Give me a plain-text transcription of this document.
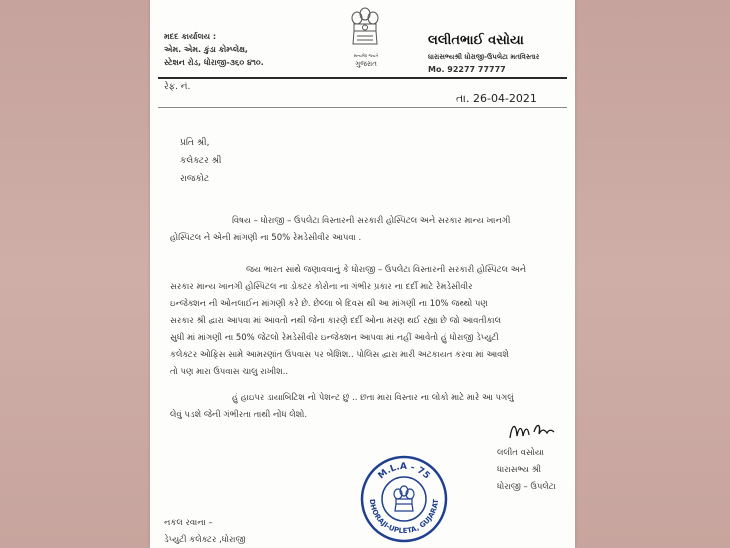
મદદ કાર્યાલય :
એમ. એમ. કુંડા કોમ્પ્લેક્ષ,
સ્ટેશન રોડ, ધોરાજી-૩૬૦ ૪૧૦.
સત્યમેવ જયતે
ગુજરાત
લલીતભાઈ વસોયા
ધારાસભ્યશ્રી ધોરાજી-ઉપલેટા મતવિસ્તાર
Mo. 92277 77777
રેફ. નં.
તા. 26-04-2021
પ્રતિ શ્રી,
કલેક્ટર શ્રી
રાજકોટ
વિષય – ધોરાજી – ઉપલેટા વિસ્તારની સરકારી હોસ્પિટલ અને સરકાર માન્ય ખાનગી
હોસ્પિટલ ને એની માંગણી ના 50% રેમડેસીવીર આપવા .
જય ભારત સાથે જણાવવાનું કે ધોરાજી – ઉપલેટા વિસ્તારની સરકારી હોસ્પિટલ અને
સરકાર માન્ય ખાનગી હોસ્પિટલ ના ડોક્ટર કોરોના ના ગંભીર પ્રકાર ના દર્દી માટે રેમડેસીવીર
ઇન્જેક્શન ની ઓનલાઈન માંગણી કરે છે. છેલ્લા બે દિવસ થી આ માંગણી ના 10% જથ્થો પણ
સરકાર શ્રી દ્વારા આપવા માં આવતો નથી જેના કારણે દર્દી ઓના મરણ થઈ રહ્યા છે જો આવતીકાલ
સુધી માં માંગણી ના 50% જેટલો રેમડેસીવીર ઇન્જેક્શન આપવા માં નહીં આવેતો હું ધોરાજી ડેપ્યુટી
કલેક્ટર ઓફિસ સામે આમરણાંત ઉપવાસ પર બેશિશ.. પોલિસ દ્વારા મારી અટકાયત કરવા માં આવશે
તો પણ મારા ઉપવાસ ચાલુ રાખીશ..
હું હાઇપર ડાયાબિટિશ નો પેશન્ટ છું .. છતા મારા વિસ્તાર ના લોકો માટે મારે આ પગલું
લેવું પડશે જેની ગંભીરતા તાથી નોંધ લેશો.
લલીત વસોયા
ધારાસભ્ય શ્રી
ધોરાજી – ઉપલેટા
M.L.A - 75
DHORAJI-UPLETA, GUJARAT
નકલ રવાના –
ડેપ્યુટી કલેક્ટર ,ધોરાજી
